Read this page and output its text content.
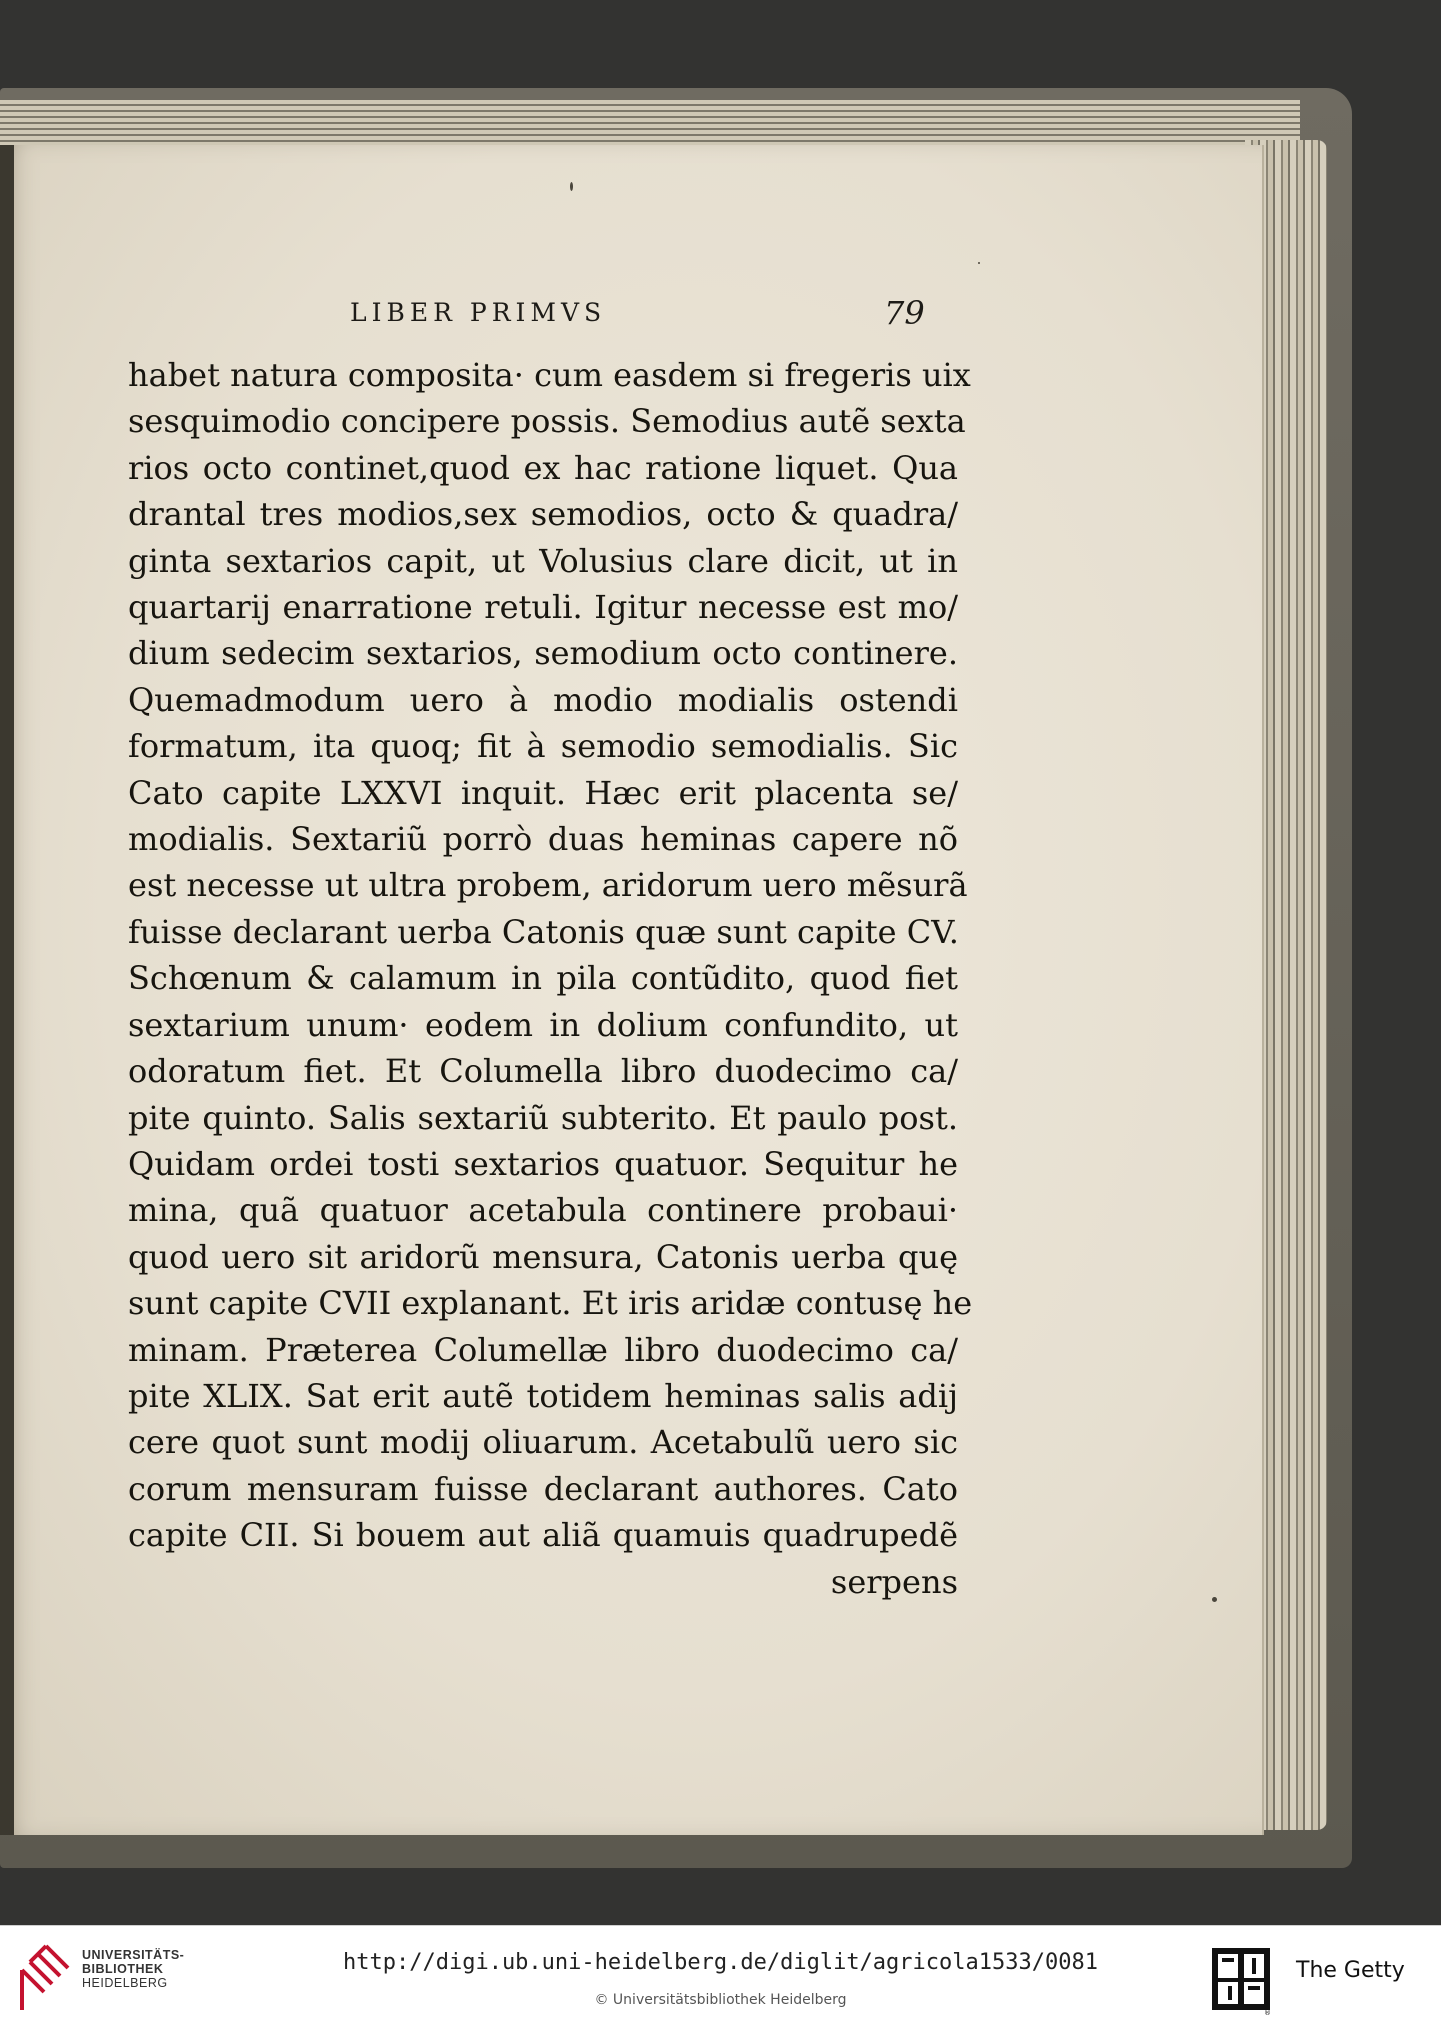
LIBER PRIMVS	79
habet natura composita· cum easdem si fregeris uix
sesquimodio concipere possis. Semodius autẽ sexta
rios octo continet,quod ex hac ratione liquet. Qua
drantal tres modios,sex semodios, octo & quadra/
ginta sextarios capit, ut Volusius clare dicit, ut in
quartarij enarratione retuli. Igitur necesse est mo/
dium sedecim sextarios, semodium octo continere.
Quemadmodum uero à modio modialis ostendi
formatum, ita quoq; fit à semodio semodialis. Sic
Cato capite LXXVI inquit. Hæc erit placenta se/
modialis. Sextariũ porrò duas heminas capere nõ
est necesse ut ultra probem, aridorum uero mẽsurã
fuisse declarant uerba Catonis quæ sunt capite CV.
Schœnum & calamum in pila contũdito, quod fiet
sextarium unum· eodem in dolium confundito, ut
odoratum fiet. Et Columella libro duodecimo ca/
pite quinto. Salis sextariũ subterito. Et paulo post.
Quidam ordei tosti sextarios quatuor. Sequitur he
mina, quã quatuor acetabula continere probaui·
quod uero sit aridorũ mensura, Catonis uerba quę
sunt capite CVII explanant. Et iris aridæ contusę he
minam. Præterea Columellæ libro duodecimo ca/
pite XLIX. Sat erit autẽ totidem heminas salis adij
cere quot sunt modij oliuarum. Acetabulũ uero sic
corum mensuram fuisse declarant authores. Cato
capite CII. Si bouem aut aliã quamuis quadrupedẽ
serpens
UNIVERSITÄTS-
BIBLIOTHEK
HEIDELBERG
http://digi.ub.uni-heidelberg.de/diglit/agricola1533/0081
© Universitätsbibliothek Heidelberg
®
The Getty
